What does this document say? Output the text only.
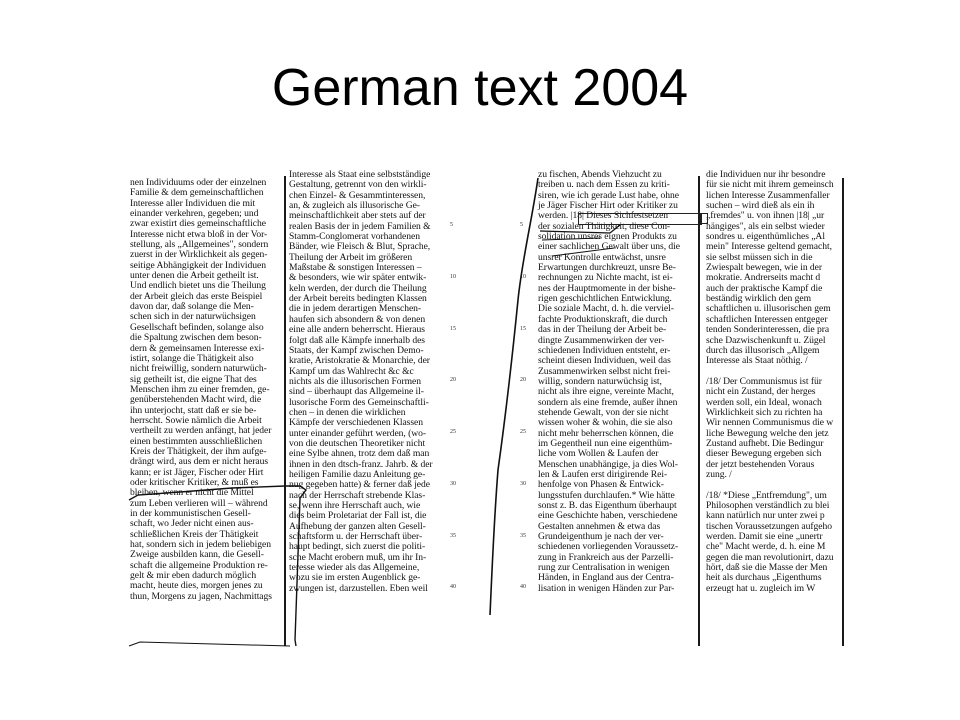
German text 2004
nen Individuums oder der einzelnen
Familie & dem gemeinschaftlichen
Interesse aller Individuen die mit
einander verkehren, gegeben; und
zwar existirt dies gemeinschaftliche
Interesse nicht etwa bloß in der Vor-
stellung, als „Allgemeines", sondern
zuerst in der Wirklichkeit als gegen-
seitige Abhängigkeit der Individuen
unter denen die Arbeit getheilt ist.
Und endlich bietet uns die Theilung
der Arbeit gleich das erste Beispiel
davon dar, daß solange die Men-
schen sich in der naturwüchsigen
Gesellschaft befinden, solange also
die Spaltung zwischen dem beson-
dern & gemeinsamen Interesse exi-
istirt, solange die Thätigkeit also
nicht freiwillig, sondern naturwüch-
sig getheilt ist, die eigne That des
Menschen ihm zu einer fremden, ge-
genüberstehenden Macht wird, die
ihn unterjocht, statt daß er sie be-
herrscht. Sowie nämlich die Arbeit
vertheilt zu werden anfängt, hat jeder
einen bestimmten ausschließlichen
Kreis der Thätigkeit, der ihm aufge-
drängt wird, aus dem er nicht heraus
kann; er ist Jäger, Fischer oder Hirt
oder kritischer Kritiker, & muß es
bleiben, wenn er nicht die Mittel
zum Leben verlieren will – während
in der kommunistischen Gesell-
schaft, wo Jeder nicht einen aus-
schließlichen Kreis der Thätigkeit
hat, sondern sich in jedem beliebigen
Zweige ausbilden kann, die Gesell-
schaft die allgemeine Produktion re-
gelt & mir eben dadurch möglich
macht, heute dies, morgen jenes zu
thun, Morgens zu jagen, Nachmittags
Interesse als Staat eine selbstständige
Gestaltung, getrennt von den wirkli-
chen Einzel- & Gesammtinteressen,
an, & zugleich als illusorische Ge-
meinschaftlichkeit aber stets auf der
realen Basis der in jedem Familien &
Stamm-Conglomerat vorhandenen
Bänder, wie Fleisch & Blut, Sprache,
Theilung der Arbeit im größeren
Maßstabe & sonstigen Interessen –
& besonders, wie wir später entwik-
keln werden, der durch die Theilung
der Arbeit bereits bedingten Klassen
die in jedem derartigen Menschen-
haufen sich absondern & von denen
eine alle andern beherrscht. Hieraus
folgt daß alle Kämpfe innerhalb des
Staats, der Kampf zwischen Demo-
kratie, Aristokratie & Monarchie, der
Kampf um das Wahlrecht &c &c
nichts als die illusorischen Formen
sind – überhaupt das Allgemeine il-
lusorische Form des Gemeinschaftli-
chen – in denen die wirklichen
Kämpfe der verschiedenen Klassen
unter einander geführt werden, (wo-
von die deutschen Theoretiker nicht
eine Sylbe ahnen, trotz dem daß man
ihnen in den dtsch-franz. Jahrb. & der
heiligen Familie dazu Anleitung ge-
nug gegeben hatte) & ferner daß jede
nach der Herrschaft strebende Klas-
se, wenn ihre Herrschaft auch, wie
dies beim Proletariat der Fall ist, die
Aufhebung der ganzen alten Gesell-
schaftsform u. der Herrschaft über-
haupt bedingt, sich zuerst die politi-
sche Macht erobern muß, um ihr In-
teresse wieder als das Allgemeine,
wozu sie im ersten Augenblick ge-
zwungen ist, darzustellen. Eben weil
5
10
15
20
25
30
35
40
zu fischen, Abends Viehzucht zu
treiben u. nach dem Essen zu kriti-
siren, wie ich gerade Lust habe, ohne
je Jäger Fischer Hirt oder Kritiker zu
werden. |18| Dieses Sichfestsetzen
der sozialen Thätigkeit, diese Con-
solidation unsres eignen Produkts zu
einer sachlichen Gewalt über uns, die
unsrer Kontrolle entwächst, unsre
Erwartungen durchkreuzt, unsre Be-
rechnungen zu Nichte macht, ist ei-
nes der Hauptmomente in der bishe-
rigen geschichtlichen Entwicklung.
Die soziale Macht, d. h. die verviel-
fachte Produktionskraft, die durch
das in der Theilung der Arbeit be-
dingte Zusammenwirken der ver-
schiedenen Individuen entsteht, er-
scheint diesen Individuen, weil das
Zusammenwirken selbst nicht frei-
willig, sondern naturwüchsig ist,
nicht als ihre eigne, vereinte Macht,
sondern als eine fremde, außer ihnen
stehende Gewalt, von der sie nicht
wissen woher & wohin, die sie also
nicht mehr beherrschen können, die
im Gegentheil nun eine eigenthüm-
liche vom Wollen & Laufen der
Menschen unabhängige, ja dies Wol-
len & Laufen erst dirigirende Rei-
henfolge von Phasen & Entwick-
lungsstufen durchlaufen.* Wie hätte
sonst z. B. das Eigenthum überhaupt
eine Geschichte haben, verschiedene
Gestalten annehmen & etwa das
Grundeigenthum je nach der ver-
schiedenen vorliegenden Voraussetz-
zung in Frankreich aus der Parzelli-
rung zur Centralisation in wenigen
Händen, in England aus der Centra-
lisation in wenigen Händen zur Par-
die Individuen nur ihr besondre
für sie nicht mit ihrem gemeinsch
lichen Interesse Zusammenfaller
suchen – wird dieß als ein ih
„fremdes" u. von ihnen |18| „ur
hängiges", als ein selbst wieder
sondres u. eigenthümliches „Al
mein" Interesse geltend gemacht,
sie selbst müssen sich in die
Zwiespalt bewegen, wie in der
mokratie. Andrerseits macht d
auch der praktische Kampf die
beständig wirklich den gem
schaftlichen u. illusorischen gem
schaftlichen Interessen entgeger
tenden Sonderinteressen, die pra
sche Dazwischenkunft u. Zügel
durch das illusorisch „Allgem
Interesse als Staat nöthig. /
/18/ Der Communismus ist für
nicht ein Zustand, der herges
werden soll, ein Ideal, wonach
Wirklichkeit sich zu richten ha
Wir nennen Communismus die w
liche Bewegung welche den jetz
Zustand aufhebt. Die Bedingur
dieser Bewegung ergeben sich
der jetzt bestehenden Voraus
zung. /
/18/ *Diese „Entfremdung", um
Philosophen verständlich zu blei
kann natürlich nur unter zwei p
tischen Voraussetzungen aufgeho
werden. Damit sie eine „unertr
che" Macht werde, d. h. eine M
gegen die man revolutionirt, dazu
hört, daß sie die Masse der Men
heit als durchaus „Eigenthums
erzeugt hat u. zugleich im W
5
10
15
20
25
30
35
40
